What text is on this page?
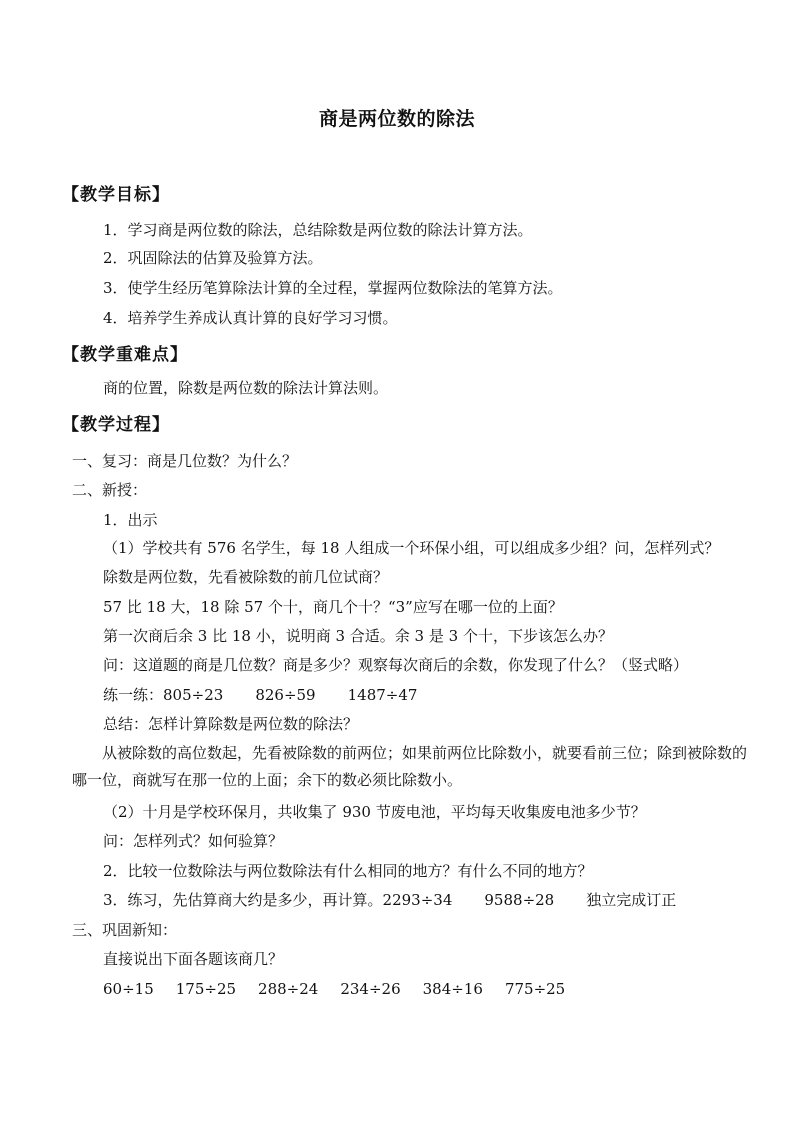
商是两位数的除法
【教学目标】
1．学习商是两位数的除法，总结除数是两位数的除法计算方法。
2．巩固除法的估算及验算方法。
3．使学生经历笔算除法计算的全过程，掌握两位数除法的笔算方法。
4．培养学生养成认真计算的良好学习习惯。
【教学重难点】
商的位置，除数是两位数的除法计算法则。
【教学过程】
一、复习：商是几位数？为什么？
二、新授：
1．出示
（1）学校共有 576 名学生，每 18 人组成一个环保小组，可以组成多少组？问，怎样列式？
除数是两位数，先看被除数的前几位试商？
57 比 18 大，18 除 57 个十，商几个十？“3”应写在哪一位的上面？
第一次商后余 3 比 18 小，说明商 3 合适。余 3 是 3 个十，下步该怎么办？
问：这道题的商是几位数？商是多少？观察每次商后的余数，你发现了什么？（竖式略）
练一练：805÷23 826÷59 1487÷47
总结：怎样计算除数是两位数的除法？
从被除数的高位数起，先看被除数的前两位；如果前两位比除数小，就要看前三位；除到被除数的哪一位，商就写在那一位的上面；余下的数必须比除数小。
（2）十月是学校环保月，共收集了 930 节废电池，平均每天收集废电池多少节？
问：怎样列式？如何验算？
2．比较一位数除法与两位数除法有什么相同的地方？有什么不同的地方？
3．练习，先估算商大约是多少，再计算。2293÷34 9588÷28 独立完成订正
三、巩固新知：
直接说出下面各题该商几？
60÷15 175÷25 288÷24 234÷26 384÷16 775÷25
